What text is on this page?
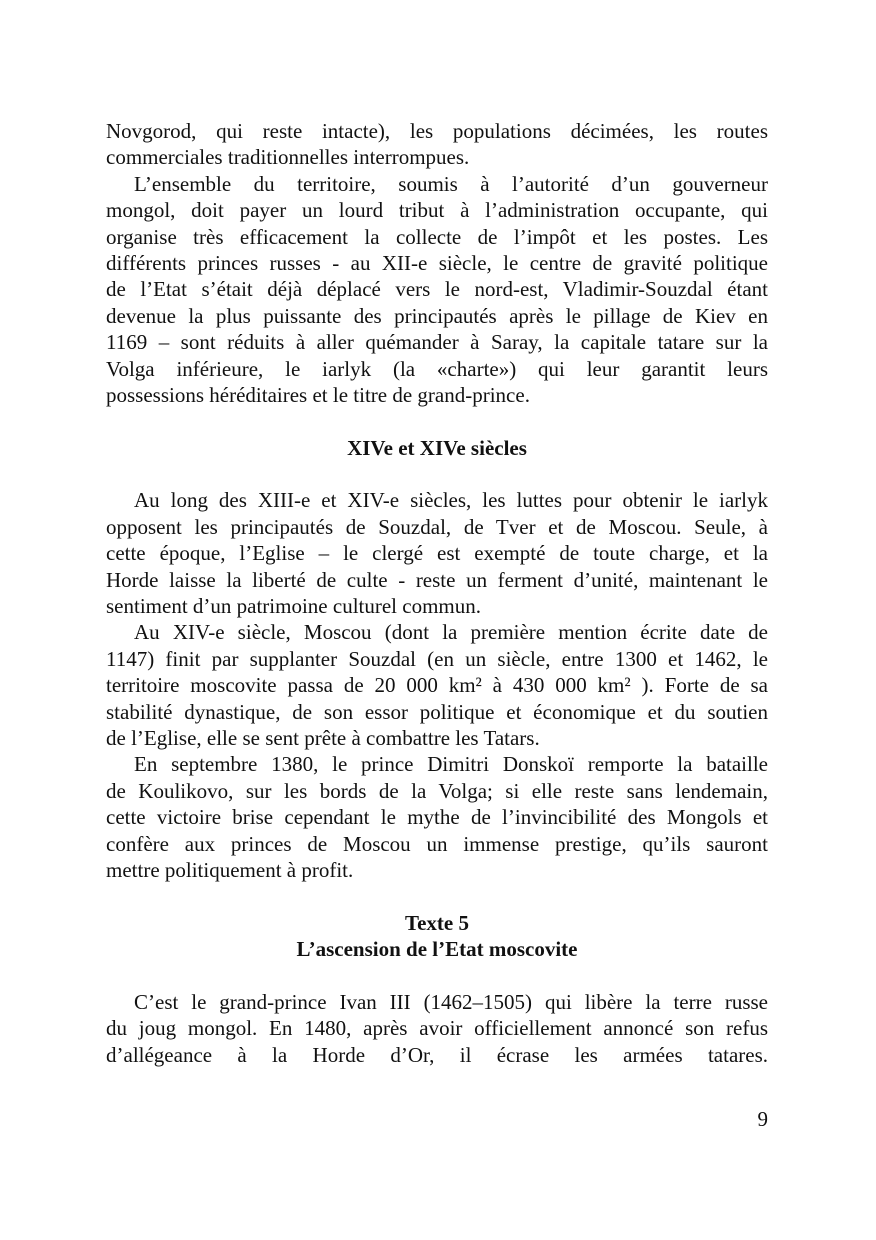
Novgorod, qui reste intacte), les populations décimées, les routes
commerciales traditionnelles interrompues.
L’ensemble du territoire, soumis à l’autorité d’un gouverneur
mongol, doit payer un lourd tribut à l’administration occupante, qui
organise très efficacement la collecte de l’impôt et les postes. Les
différents princes russes - au XII-e siècle, le centre de gravité politique
de l’Etat s’était déjà déplacé vers le nord-est, Vladimir-Souzdal étant
devenue la plus puissante des principautés après le pillage de Kiev en
1169 – sont réduits à aller quémander à Saray, la capitale tatare sur la
Volga inférieure, le iarlyk (la «charte») qui leur garantit leurs
possessions héréditaires et le titre de grand-prince.
XIVe et XIVe siècles
Au long des XIII-e et XIV-e siècles, les luttes pour obtenir le iarlyk
opposent les principautés de Souzdal, de Tver et de Moscou. Seule, à
cette époque, l’Eglise – le clergé est exempté de toute charge, et la
Horde laisse la liberté de culte - reste un ferment d’unité, maintenant le
sentiment d’un patrimoine culturel commun.
Au XIV-e siècle, Moscou (dont la première mention écrite date de
1147) finit par supplanter Souzdal (en un siècle, entre 1300 et 1462, le
territoire moscovite passa de 20 000 km² à 430 000 km² ). Forte de sa
stabilité dynastique, de son essor politique et économique et du soutien
de l’Eglise, elle se sent prête à combattre les Tatars.
En septembre 1380, le prince Dimitri Donskoï remporte la bataille
de Koulikovo, sur les bords de la Volga; si elle reste sans lendemain,
cette victoire brise cependant le mythe de l’invincibilité des Mongols et
confère aux princes de Moscou un immense prestige, qu’ils sauront
mettre politiquement à profit.
Texte 5
L’ascension de l’Etat moscovite
C’est le grand-prince Ivan III (1462–1505) qui libère la terre russe
du joug mongol. En 1480, après avoir officiellement annoncé son refus
d’allégeance à la Horde d’Or, il écrase les armées tatares.
9
